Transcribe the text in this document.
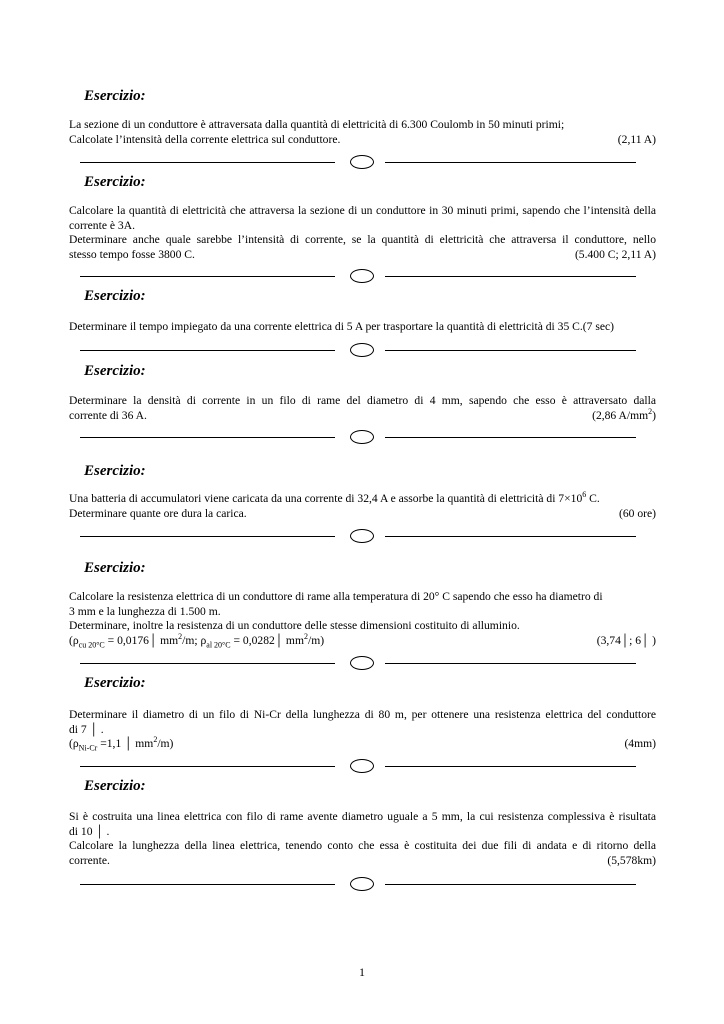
Esercizio:
La sezione di un conduttore è attraversata dalla quantità di elettricità di 6.300 Coulomb in 50 minuti primi;
Calcolate l’intensità della corrente elettrica sul conduttore.	(2,11 A)
Esercizio:
Calcolare la quantità di elettricità che attraversa la sezione di un conduttore in 30 minuti primi, sapendo che l’intensità della corrente è 3A.
Determinare anche quale sarebbe l’intensità di corrente, se la quantità di elettricità che attraversa il conduttore, nello
stesso tempo fosse 3800 C.	(5.400 C; 2,11 A)
Esercizio:
Determinare il tempo impiegato da una corrente elettrica di 5 A per trasportare la quantità di elettricità di 35 C.(7 sec)
Esercizio:
Determinare la densità di corrente in un filo di rame del diametro di 4 mm, sapendo che esso è attraversato dalla
corrente di 36 A.	(2,86 $A/mm^2$)
Esercizio:
Una batteria di accumulatori viene caricata da una corrente di 32,4 A e assorbe la quantità di elettricità di $7\times 10^6$ C.
Determinare quante ore dura la carica.	(60 ore)
Esercizio:
Calcolare la resistenza elettrica di un conduttore di rame alla temperatura di 20° C sapendo che esso ha diametro di
3 mm e la lunghezza di 1.500 m.
Determinare, inoltre la resistenza di un conduttore delle stesse dimensioni costituito di alluminio.
($\rho_{cu 20^\circ C}$ = 0,0176│ $mm^2/m$; $\rho_{al 20^\circ C}$ = 0,0282│ $mm^2/m$)	(3,74│; 6│ )
Esercizio:
Determinare il diametro di un filo di Ni-Cr della lunghezza di 80 m, per ottenere una resistenza elettrica del conduttore
di 7 │ .
($\rho_{Ni-Cr} =1,1$ │ $mm^2/m$)	(4mm)
Esercizio:
Si è costruita una linea elettrica con filo di rame avente diametro uguale a 5 mm, la cui resistenza complessiva è risultata
di 10 │ .
Calcolare la lunghezza della linea elettrica, tenendo conto che essa è costituita dei due fili di andata e di ritorno della
corrente.	(5,578km)
1
